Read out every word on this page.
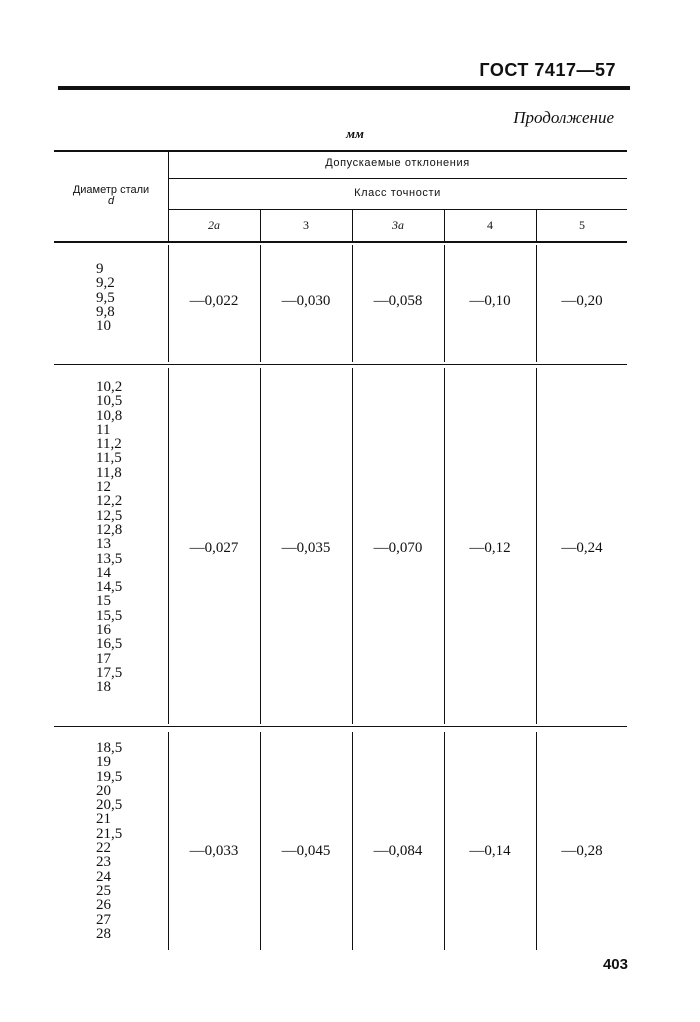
ГОСТ 7417—57
Продолжение
мм
Диаметр стали
d
Допускаемые отклонения
Класс точности
2a	3	3a	4	5
9
9,2
9,5
9,8
10
—0,022	—0,030	—0,058	—0,10	—0,20
10,2
10,5
10,8
11
11,2
11,5
11,8
12
12,2
12,5
12,8
13
13,5
14
14,5
15
15,5
16
16,5
17
17,5
18
—0,027	—0,035	—0,070	—0,12	—0,24
18,5
19
19,5
20
20,5
21
21,5
22
23
24
25
26
27
28
—0,033	—0,045	—0,084	—0,14	—0,28
403
